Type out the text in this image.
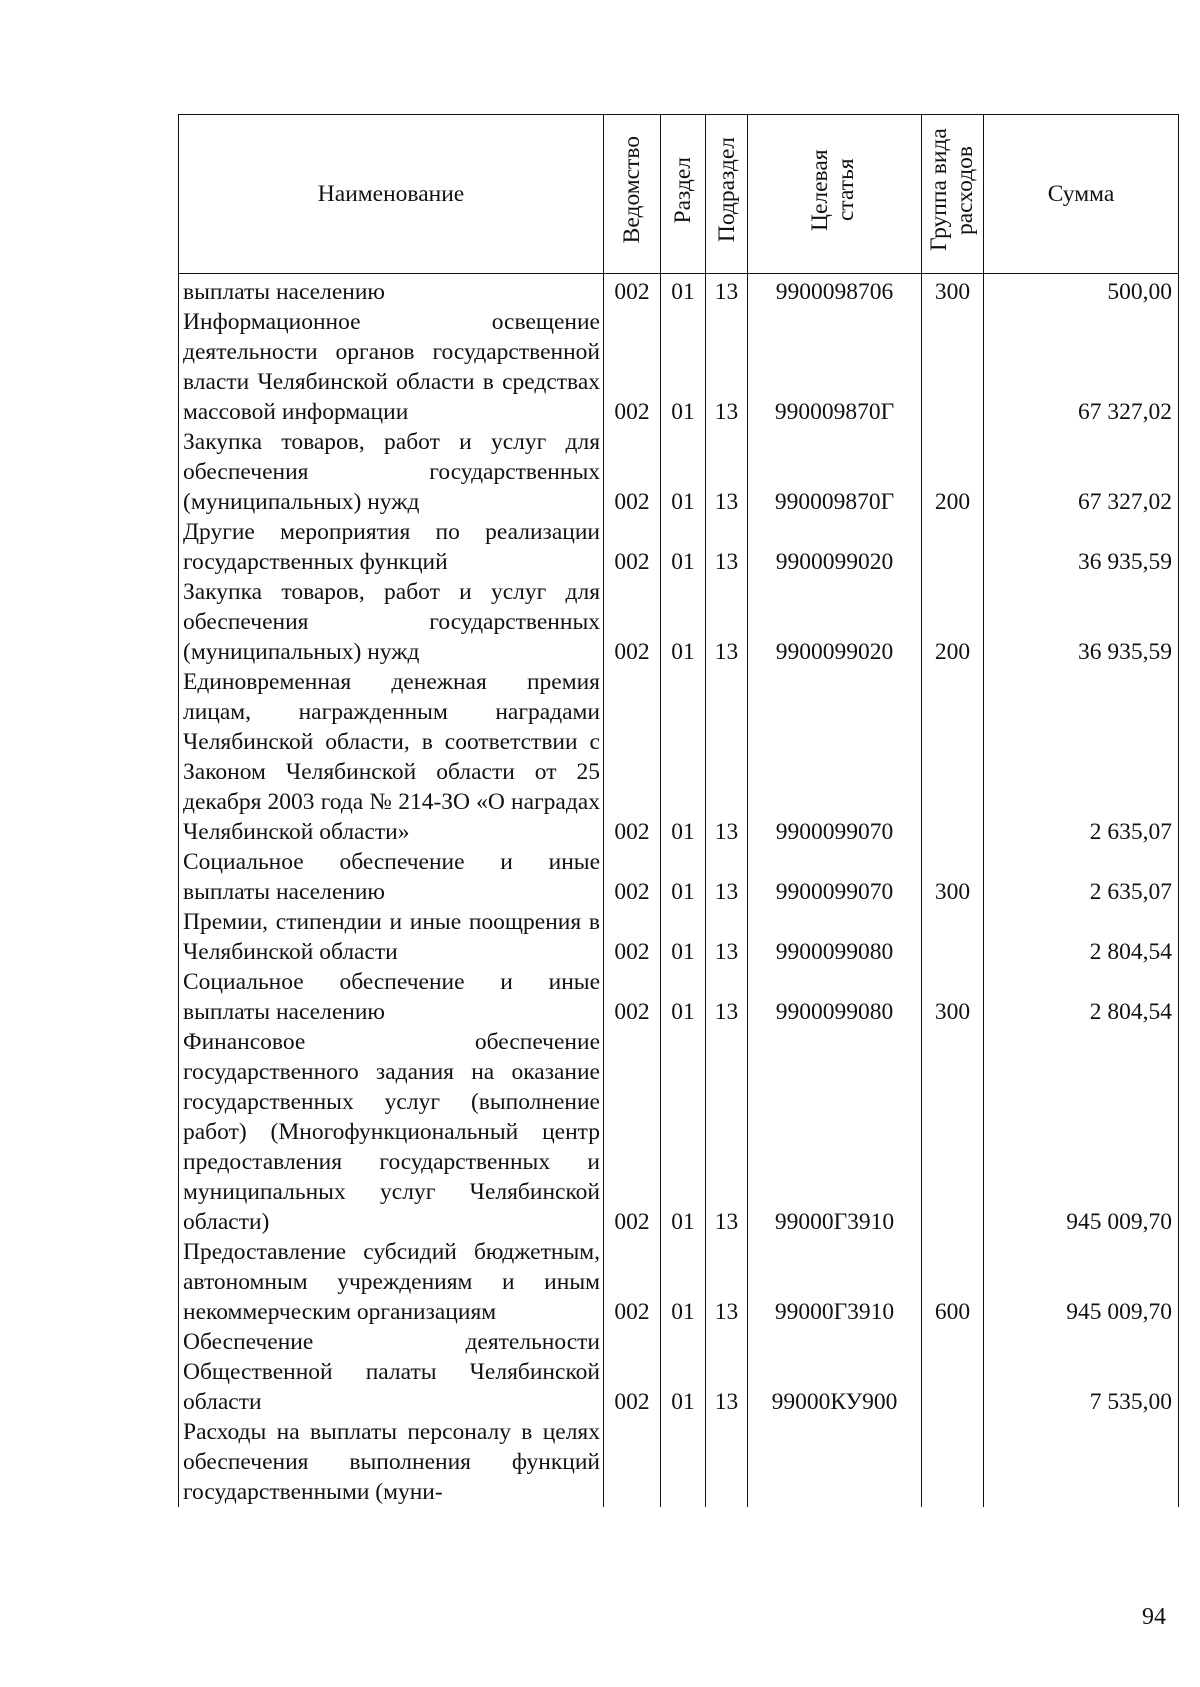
Наименование	Ведомство	Раздел	Подраздел	Целевая статья	Группа вида расходов	Сумма

выплаты населению	002	01	13	9900098706	300	500,00

Информационное освещение деятельности органов государственной власти Челябинской области в средствах массовой информации	002	01	13	990009870Г		67 327,02

Закупка товаров, работ и услуг для обеспечения государственных (муниципальных) нужд	002	01	13	990009870Г	200	67 327,02

Другие мероприятия по реализации государственных функций	002	01	13	9900099020		36 935,59

Закупка товаров, работ и услуг для обеспечения государственных (муниципальных) нужд	002	01	13	9900099020	200	36 935,59

Единовременная денежная премия лицам, награжденным наградами Челябинской области, в соответствии с Законом Челябинской области от 25 декабря 2003 года № 214-ЗО «О наградах Челябинской области»	002	01	13	9900099070		2 635,07

Социальное обеспечение и иные выплаты населению	002	01	13	9900099070	300	2 635,07

Премии, стипендии и иные поощрения в Челябинской области	002	01	13	9900099080		2 804,54

Социальное обеспечение и иные выплаты населению	002	01	13	9900099080	300	2 804,54

Финансовое обеспечение государственного задания на оказание государственных услуг (выполнение работ) (Многофункциональный центр предоставления государственных и муниципальных услуг Челябинской области)	002	01	13	99000Г3910		945 009,70

Предоставление субсидий бюджетным, автономным учреждениям и иным некоммерческим организациям	002	01	13	99000Г3910	600	945 009,70

Обеспечение деятельности Общественной палаты Челябинской области	002	01	13	99000КУ900		7 535,00

Расходы на выплаты персоналу в целях обеспечения выполнения функций государственными (муни-						

94
